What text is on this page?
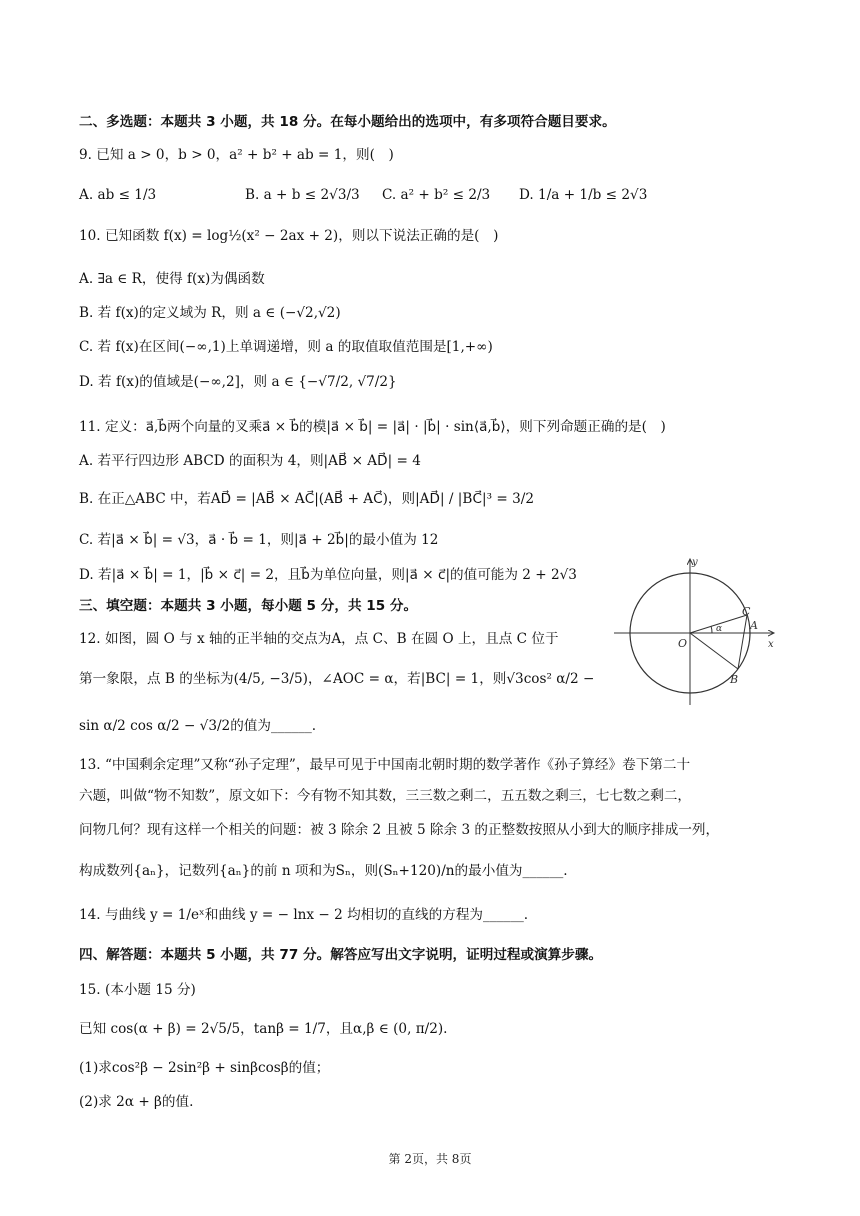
二、多选题：本题共 3 小题，共 18 分。在每小题给出的选项中，有多项符合题目要求。
9. 已知 a > 0，b > 0，a² + b² + ab = 1，则(　)
A. ab ≤ 1/3	B. a + b ≤ 2√3/3 C. a² + b² ≤ 2/3 D. 1/a + 1/b ≤ 2√3
10. 已知函数 f(x) = log½(x² − 2ax + 2)，则以下说法正确的是(　)
A. ∃a ∈ R，使得 f(x)为偶函数
B. 若 f(x)的定义域为 R，则 a ∈ (−√2,√2)
C. 若 f(x)在区间(−∞,1)上单调递增，则 a 的取值取值范围是[1,+∞)
D. 若 f(x)的值域是(−∞,2]，则 a ∈ {−√7/2, √7/2}
11. 定义：a⃗,b⃗两个向量的叉乘a⃗ × b⃗的模|a⃗ × b⃗| = |a⃗| · |b⃗| · sin⟨a⃗,b⃗⟩，则下列命题正确的是(　)
A. 若平行四边形 ABCD 的面积为 4，则|AB⃗ × AD⃗| = 4
B. 在正△ABC 中，若AD⃗ = |AB⃗ × AC⃗|(AB⃗ + AC⃗)，则|AD⃗| / |BC⃗|³ = 3/2
C. 若|a⃗ × b⃗| = √3，a⃗ · b⃗ = 1，则|a⃗ + 2b⃗|的最小值为 12
D. 若|a⃗ × b⃗| = 1，|b⃗ × c⃗| = 2，且b⃗为单位向量，则|a⃗ × c⃗|的值可能为 2 + 2√3
三、填空题：本题共 3 小题，每小题 5 分，共 15 分。
12. 如图，圆 O 与 x 轴的正半轴的交点为A，点 C、B 在圆 O 上，且点 C 位于
第一象限，点 B 的坐标为(4/5, −3/5)，∠AOC = α，若|BC| = 1，则√3cos² α/2 −
sin α/2 cos α/2 − √3/2的值为______.
y
x
O
A
C
B
α
13. “中国剩余定理”又称“孙子定理”，最早可见于中国南北朝时期的数学著作《孙子算经》卷下第二十
六题，叫做“物不知数”，原文如下：今有物不知其数，三三数之剩二，五五数之剩三，七七数之剩二，
问物几何？现有这样一个相关的问题：被 3 除余 2 且被 5 除余 3 的正整数按照从小到大的顺序排成一列，
构成数列{aₙ}，记数列{aₙ}的前 n 项和为Sₙ，则(Sₙ+120)/n的最小值为______.
14. 与曲线 y = 1/eˣ和曲线 y = − lnx − 2 均相切的直线的方程为______.
四、解答题：本题共 5 小题，共 77 分。解答应写出文字说明，证明过程或演算步骤。
15. (本小题 15 分)
已知 cos(α + β) = 2√5/5，tanβ = 1/7，且α,β ∈ (0, π/2).
(1)求cos²β − 2sin²β + sinβcosβ的值；
(2)求 2α + β的值.
第 2页，共 8页
